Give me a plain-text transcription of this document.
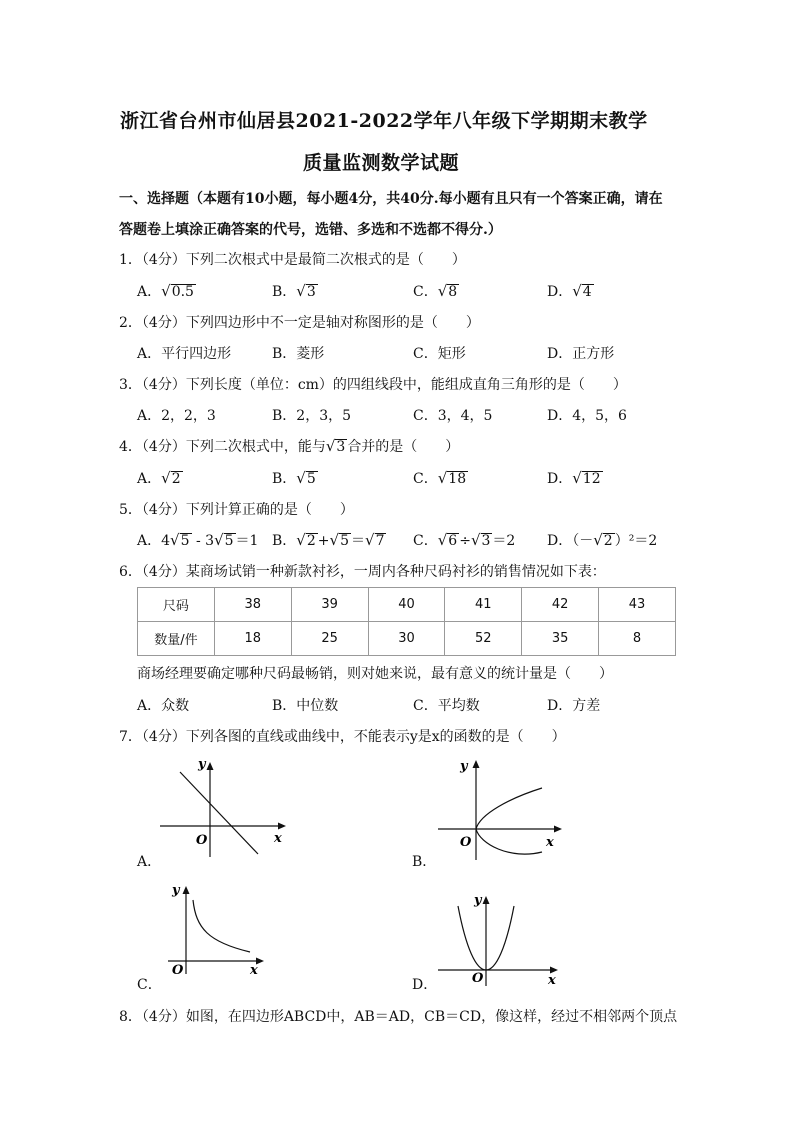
浙江省台州市仙居县2021-2022学年八年级下学期期末教学
质量监测数学试题
一、选择题（本题有10小题，每小题4分，共40分.每小题有且只有一个答案正确，请在
答题卷上填涂正确答案的代号，选错、多选和不选都不得分.）
1．（4分）下列二次根式中是最简二次根式的是（　　）
A．√0.5	B．√3	C．√8	D．√4
2．（4分）下列四边形中不一定是轴对称图形的是（　　）
A．平行四边形	B．菱形	C．矩形	D．正方形
3．（4分）下列长度（单位：cm）的四组线段中，能组成直角三角形的是（　　）
A．2，2，3	B．2，3，5	C．3，4，5	D．4，5，6
4．（4分）下列二次根式中，能与√3 合并的是（　　）
A．√2	B．√5	C．√18	D．√12
5．（4分）下列计算正确的是（　　）
A．4√5 - 3√5 ＝1 B．√2 +√5 ＝√7 C．√6 ÷√3 ＝2 D．（－√2 ）²＝2
6．（4分）某商场试销一种新款衬衫，一周内各种尺码衬衫的销售情况如下表：
尺码	38	39	40	41	42	43
数量/件	18	25	30	52	35	8
商场经理要确定哪种尺码最畅销，则对她来说，最有意义的统计量是（　　）
A．众数	B．中位数	C．平均数	D．方差
7．（4分）下列各图的直线或曲线中，不能表示y是x的函数的是（　　）
y
x
O
A．
y
x
O
B．
y
x
O
C．
y
x
O
D．
8．（4分）如图，在四边形ABCD中，AB＝AD，CB＝CD，像这样，经过不相邻两个顶点
